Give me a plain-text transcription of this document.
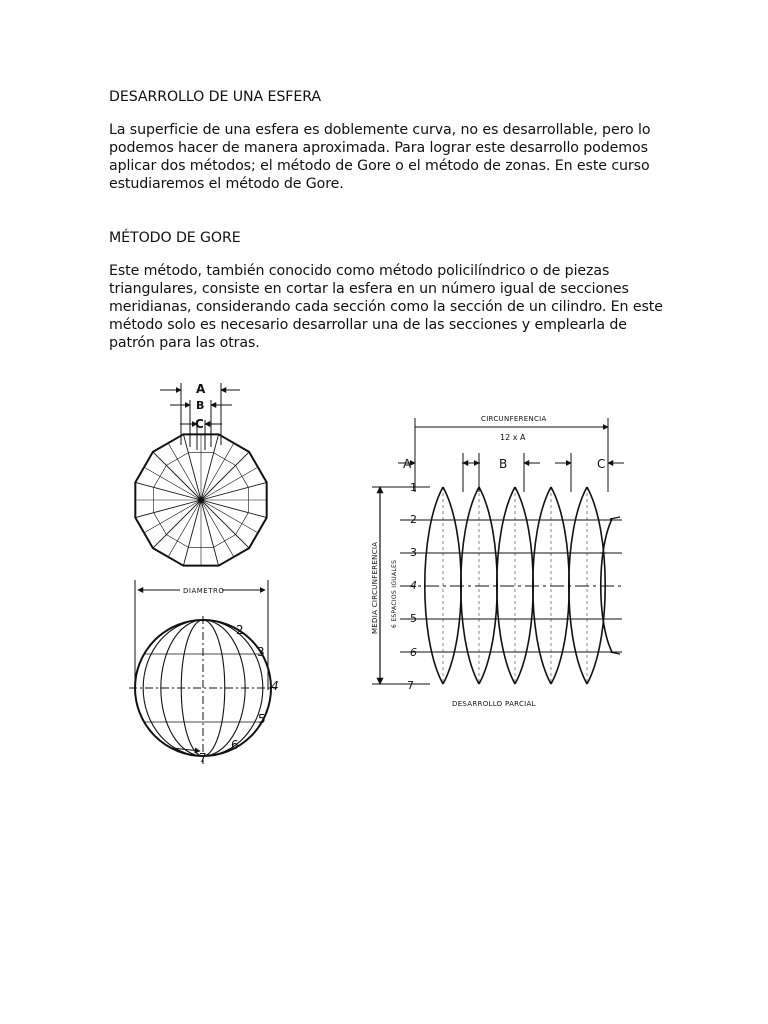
DESARROLLO DE UNA ESFERA
La superficie de una esfera es doblemente curva, no es desarrollable, pero lo podemos hacer de manera aproximada. Para lograr este desarrollo podemos aplicar dos métodos; el método de Gore o el método de zonas. En este curso estudiaremos el método de Gore.
MÉTODO DE GORE
Este método, también conocido como método policilíndrico o de piezas triangulares, consiste en cortar la esfera en un número igual de secciones meridianas, considerando cada sección como la sección de un cilindro. En este método solo es necesario desarrollar una de las secciones y emplearla de patrón para las otras.
A
B
C
DIAMETRO
2
3
4
5
6
7
CIRCUNFERENCIA
12 x A
A	B	C
MEDIA CIRCUNFERENCIA 6 ESPACIOS IGUALES
1
2
3
4
5
6
7
DESARROLLO PARCIAL
